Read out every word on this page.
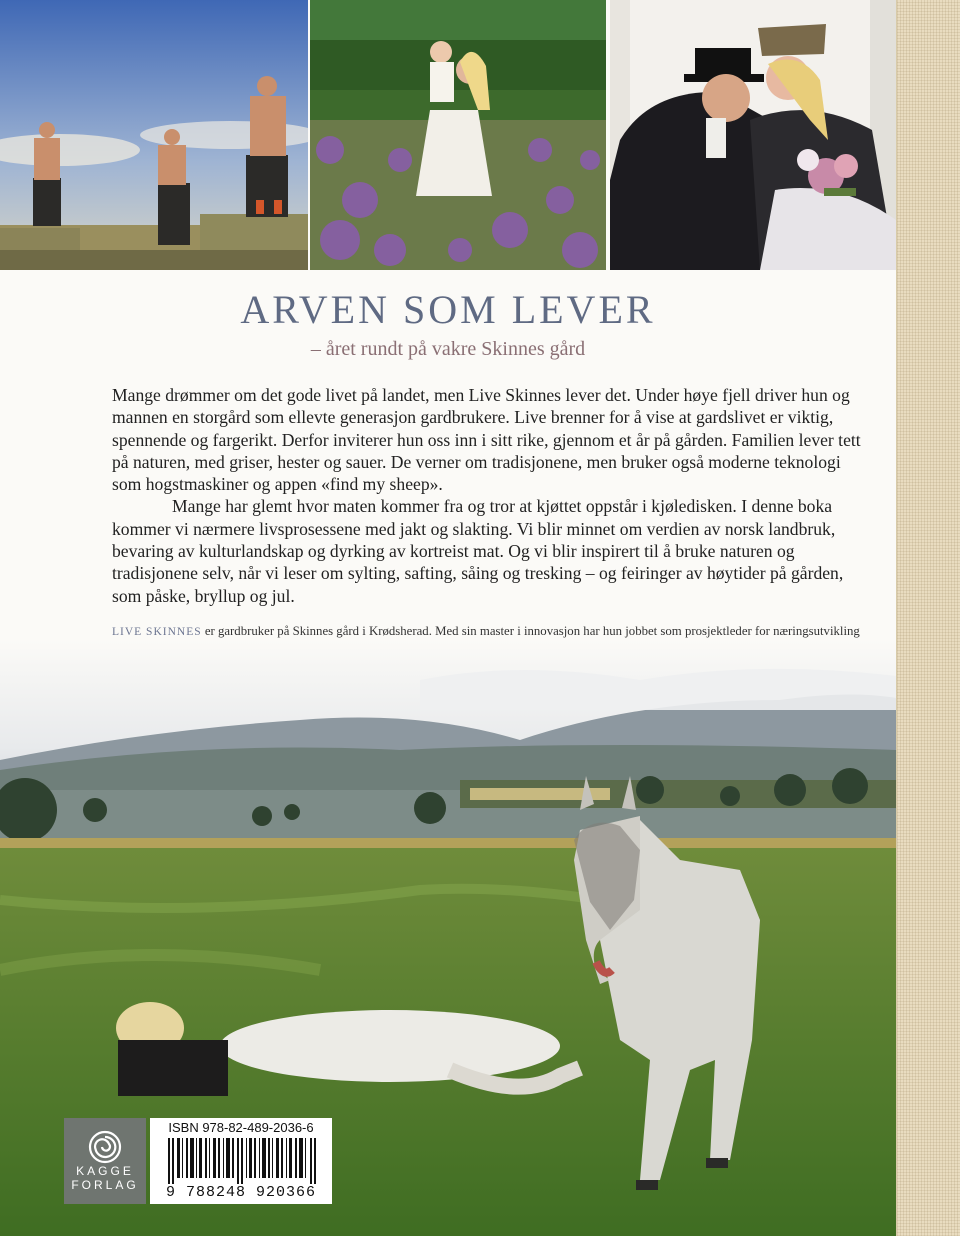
ARVEN SOM LEVER
– året rundt på vakre Skinnes gård

Mange drømmer om det gode livet på landet, men Live Skinnes lever det. Under høye fjell driver hun og mannen en storgård som ellevte generasjon gardbrukere. Live brenner for å vise at gardslivet er viktig, spennende og fargerikt. Derfor inviterer hun oss inn i sitt rike, gjennom et år på gården. Familien lever tett på naturen, med griser, hester og sauer. De verner om tradisjonene, men bruker også moderne teknologi som hogstmaskiner og appen «find my sheep».

Mange har glemt hvor maten kommer fra og tror at kjøttet oppstår i kjøledisken. I denne boka kommer vi nærmere livsprosessene med jakt og slakting. Vi blir minnet om verdien av norsk landbruk, bevaring av kulturlandskap og dyrking av kortreist mat. Og vi blir inspirert til å bruke naturen og tradisjonene selv, når vi leser om sylting, safting, såing og tresking – og feiringer av høytider på gården, som påske, bryllup og jul.

LIVE SKINNES er gardbruker på Skinnes gård i Krødsherad. Med sin master i innovasjon har hun jobbet som prosjektleder for næringsutvikling
KAGGE
FORLAG
ISBN 978-82-489-2036-6
9 788248 920366
